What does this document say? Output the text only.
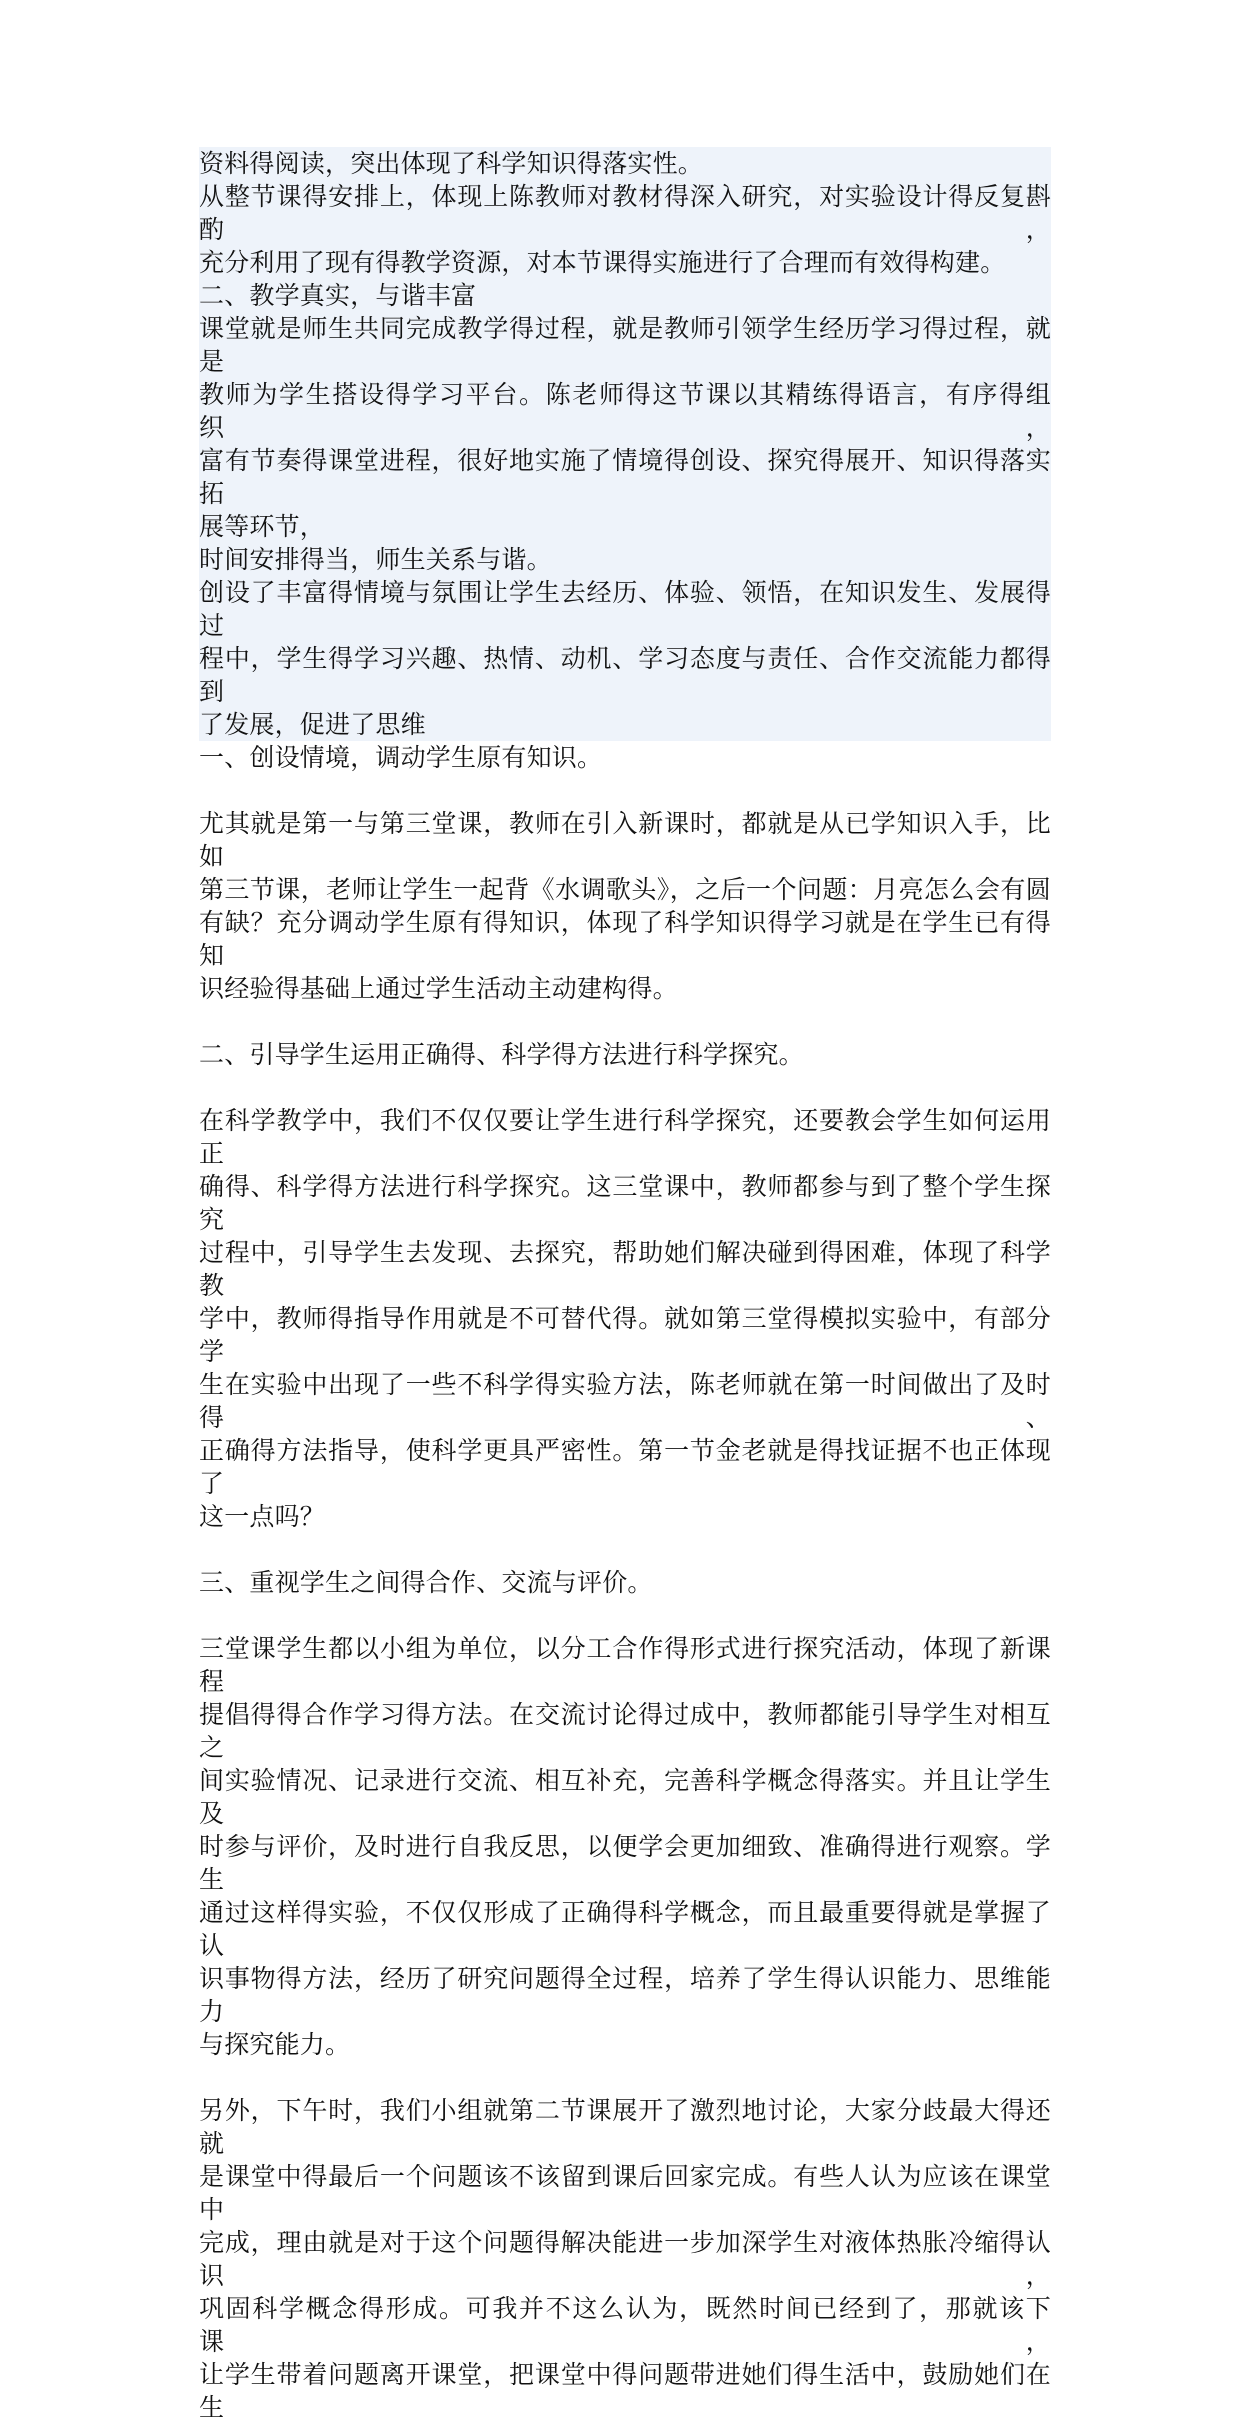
资料得阅读，突出体现了科学知识得落实性。
从整节课得安排上，体现上陈教师对教材得深入研究，对实验设计得反复斟酌，
充分利用了现有得教学资源，对本节课得实施进行了合理而有效得构建。
二、教学真实，与谐丰富
课堂就是师生共同完成教学得过程，就是教师引领学生经历学习得过程，就是
教师为学生搭设得学习平台。陈老师得这节课以其精练得语言，有序得组织，
富有节奏得课堂进程，很好地实施了情境得创设、探究得展开、知识得落实拓
展等环节，
时间安排得当，师生关系与谐。
创设了丰富得情境与氛围让学生去经历、体验、领悟，在知识发生、发展得过
程中，学生得学习兴趣、热情、动机、学习态度与责任、合作交流能力都得到
了发展，促进了思维
一、创设情境，调动学生原有知识。
尤其就是第一与第三堂课，教师在引入新课时，都就是从已学知识入手，比如
第三节课，老师让学生一起背《水调歌头》，之后一个问题：月亮怎么会有圆
有缺？充分调动学生原有得知识，体现了科学知识得学习就是在学生已有得知
识经验得基础上通过学生活动主动建构得。
二、引导学生运用正确得、科学得方法进行科学探究。
在科学教学中，我们不仅仅要让学生进行科学探究，还要教会学生如何运用正
确得、科学得方法进行科学探究。这三堂课中，教师都参与到了整个学生探究
过程中，引导学生去发现、去探究，帮助她们解决碰到得困难，体现了科学教
学中，教师得指导作用就是不可替代得。就如第三堂得模拟实验中，有部分学
生在实验中出现了一些不科学得实验方法，陈老师就在第一时间做出了及时得、
正确得方法指导，使科学更具严密性。第一节金老就是得找证据不也正体现了
这一点吗？
三、重视学生之间得合作、交流与评价。
三堂课学生都以小组为单位，以分工合作得形式进行探究活动，体现了新课程
提倡得得合作学习得方法。在交流讨论得过成中，教师都能引导学生对相互之
间实验情况、记录进行交流、相互补充，完善科学概念得落实。并且让学生及
时参与评价，及时进行自我反思，以便学会更加细致、准确得进行观察。学生
通过这样得实验，不仅仅形成了正确得科学概念，而且最重要得就是掌握了认
识事物得方法，经历了研究问题得全过程，培养了学生得认识能力、思维能力
与探究能力。
另外，下午时，我们小组就第二节课展开了激烈地讨论，大家分歧最大得还就
是课堂中得最后一个问题该不该留到课后回家完成。有些人认为应该在课堂中
完成，理由就是对于这个问题得解决能进一步加深学生对液体热胀冷缩得认识，
巩固科学概念得形成。可我并不这么认为，既然时间已经到了，那就该下课，
让学生带着问题离开课堂，把课堂中得问题带进她们得生活中，鼓励她们在生
